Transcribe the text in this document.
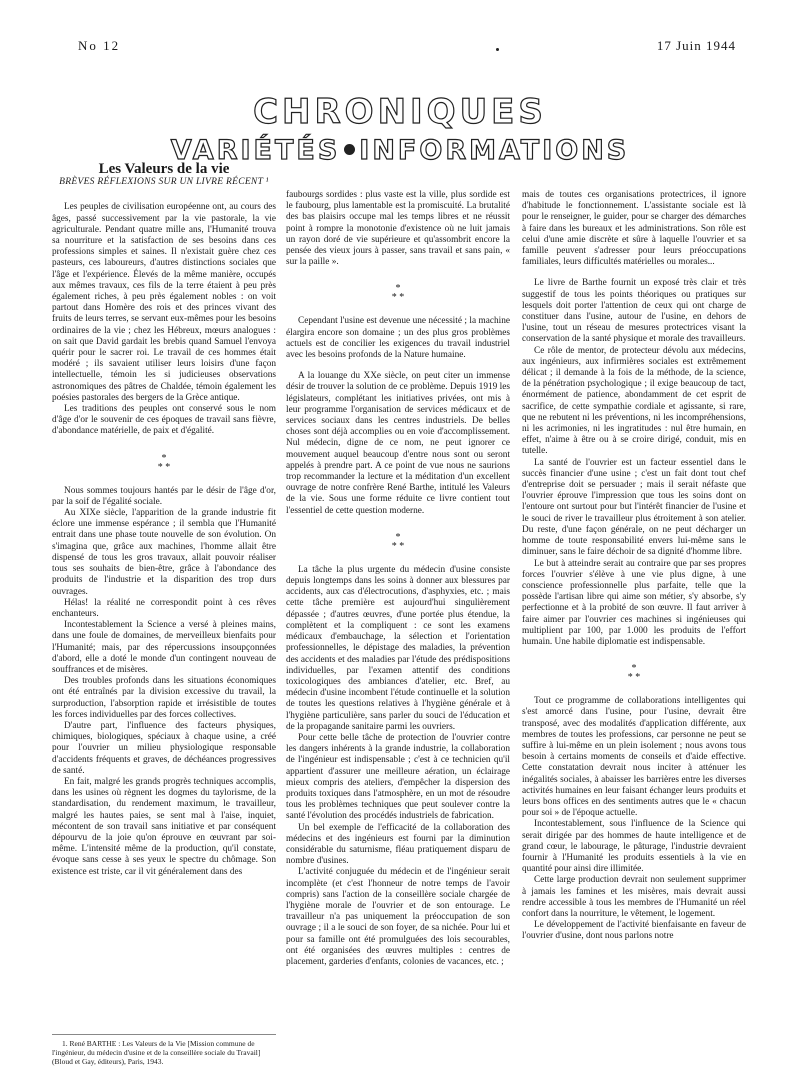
No 12	17 Juin 1944
CHRONIQUES
VARIÉTÉS INFORMATIONS
Les Valeurs de la vie
BRÈVES RÉFLEXIONS SUR UN LIVRE RÉCENT ¹

Les peuples de civilisation européenne ont, au cours des âges, passé successivement par la vie pastorale, la vie agriculturale. Pendant quatre mille ans, l'Humanité trouva sa nourriture et la satisfaction de ses besoins dans ces professions simples et saines. Il n'existait guère chez ces pasteurs, ces laboureurs, d'autres distinctions sociales que l'âge et l'expérience. Élevés de la même manière, occupés aux mêmes travaux, ces fils de la terre étaient à peu près également riches, à peu près également nobles : on voit partout dans Homère des rois et des princes vivant des fruits de leurs terres, se servant eux-mêmes pour les besoins ordinaires de la vie ; chez les Hébreux, mœurs analogues : on sait que David gardait les brebis quand Samuel l'envoya quérir pour le sacrer roi. Le travail de ces hommes était modéré ; ils savaient utiliser leurs loisirs d'une façon intellectuelle, témoin les si judicieuses observations astronomiques des pâtres de Chaldée, témoin également les poésies pastorales des bergers de la Grèce antique.

Les traditions des peuples ont conservé sous le nom d'âge d'or le souvenir de ces époques de travail sans fièvre, d'abondance matérielle, de paix et d'égalité.

*
* *

Nous sommes toujours hantés par le désir de l'âge d'or, par la soif de l'égalité sociale.

Au XIXe siècle, l'apparition de la grande industrie fit éclore une immense espérance ; il sembla que l'Humanité entrait dans une phase toute nouvelle de son évolution. On s'imagina que, grâce aux machines, l'homme allait être dispensé de tous les gros travaux, allait pouvoir réaliser tous ses souhaits de bien-être, grâce à l'abondance des produits de l'industrie et la disparition des trop durs ouvrages.

Hélas! la réalité ne correspondit point à ces rêves enchanteurs.

Incontestablement la Science a versé à pleines mains, dans une foule de domaines, de merveilleux bienfaits pour l'Humanité; mais, par des répercussions insoupçonnées d'abord, elle a doté le monde d'un contingent nouveau de souffrances et de misères.

Des troubles profonds dans les situations économiques ont été entraînés par la division excessive du travail, la surproduction, l'absorption rapide et irrésistible de toutes les forces individuelles par des forces collectives.

D'autre part, l'influence des facteurs physiques, chimiques, biologiques, spéciaux à chaque usine, a créé pour l'ouvrier un milieu physiologique responsable d'accidents fréquents et graves, de déchéances progressives de santé.

En fait, malgré les grands progrès techniques accomplis, dans les usines où règnent les dogmes du taylorisme, de la standardisation, du rendement maximum, le travailleur, malgré les hautes paies, se sent mal à l'aise, inquiet, mécontent de son travail sans initiative et par conséquent dépourvu de la joie qu'on éprouve en œuvrant par soi-même. L'intensité même de la production, qu'il constate, évoque sans cesse à ses yeux le spectre du chômage. Son existence est triste, car il vit généralement dans des

faubourgs sordides : plus vaste est la ville, plus sordide est le faubourg, plus lamentable est la promiscuité. La brutalité des bas plaisirs occupe mal les temps libres et ne réussit point à rompre la monotonie d'existence où ne luit jamais un rayon doré de vie supérieure et qu'assombrit encore la pensée des vieux jours à passer, sans travail et sans pain, « sur la paille ».

*
* *

Cependant l'usine est devenue une nécessité ; la machine élargira encore son domaine ; un des plus gros problèmes actuels est de concilier les exigences du travail industriel avec les besoins profonds de la Nature humaine.

A la louange du XXe siècle, on peut citer un immense désir de trouver la solution de ce problème. Depuis 1919 les législateurs, complétant les initiatives privées, ont mis à leur programme l'organisation de services médicaux et de services sociaux dans les centres industriels. De belles choses sont déjà accomplies ou en voie d'accomplissement. Nul médecin, digne de ce nom, ne peut ignorer ce mouvement auquel beaucoup d'entre nous sont ou seront appelés à prendre part. A ce point de vue nous ne saurions trop recommander la lecture et la méditation d'un excellent ouvrage de notre confrère René Barthe, intitulé les Valeurs de la vie. Sous une forme réduite ce livre contient tout l'essentiel de cette question moderne.

*
* *

La tâche la plus urgente du médecin d'usine consiste depuis longtemps dans les soins à donner aux blessures par accidents, aux cas d'électrocutions, d'asphyxies, etc. ; mais cette tâche première est aujourd'hui singulièrement dépassée ; d'autres œuvres, d'une portée plus étendue, la complètent et la compliquent : ce sont les examens médicaux d'embauchage, la sélection et l'orientation professionnelles, le dépistage des maladies, la prévention des accidents et des maladies par l'étude des prédispositions individuelles, par l'examen attentif des conditions toxicologiques des ambiances d'atelier, etc. Bref, au médecin d'usine incombent l'étude continuelle et la solution de toutes les questions relatives à l'hygiène générale et à l'hygiène particulière, sans parler du souci de l'éducation et de la propagande sanitaire parmi les ouvriers.

Pour cette belle tâche de protection de l'ouvrier contre les dangers inhérents à la grande industrie, la collaboration de l'ingénieur est indispensable ; c'est à ce technicien qu'il appartient d'assurer une meilleure aération, un éclairage mieux compris des ateliers, d'empêcher la dispersion des produits toxiques dans l'atmosphère, en un mot de résoudre tous les problèmes techniques que peut soulever contre la santé l'évolution des procédés industriels de fabrication.

Un bel exemple de l'efficacité de la collaboration des médecins et des ingénieurs est fourni par la diminution considérable du saturnisme, fléau pratiquement disparu de nombre d'usines.

L'activité conjuguée du médecin et de l'ingénieur serait incomplète (et c'est l'honneur de notre temps de l'avoir compris) sans l'action de la conseillère sociale chargée de l'hygiène morale de l'ouvrier et de son entourage. Le travailleur n'a pas uniquement la préoccupation de son ouvrage ; il a le souci de son foyer, de sa nichée. Pour lui et pour sa famille ont été promulguées des lois secourables, ont été organisées des œuvres multiples : centres de placement, garderies d'enfants, colonies de vacances, etc. ;

mais de toutes ces organisations protectrices, il ignore d'habitude le fonctionnement. L'assistante sociale est là pour le renseigner, le guider, pour se charger des démarches à faire dans les bureaux et les administrations. Son rôle est celui d'une amie discrète et sûre à laquelle l'ouvrier et sa famille peuvent s'adresser pour leurs préoccupations familiales, leurs difficultés matérielles ou morales...

Le livre de Barthe fournit un exposé très clair et très suggestif de tous les points théoriques ou pratiques sur lesquels doit porter l'attention de ceux qui ont charge de constituer dans l'usine, autour de l'usine, en dehors de l'usine, tout un réseau de mesures protectrices visant la conservation de la santé physique et morale des travailleurs.

Ce rôle de mentor, de protecteur dévolu aux médecins, aux ingénieurs, aux infirmières sociales est extrêmement délicat ; il demande à la fois de la méthode, de la science, de la pénétration psychologique ; il exige beaucoup de tact, énormément de patience, abondamment de cet esprit de sacrifice, de cette sympathie cordiale et agissante, si rare, que ne rebutent ni les préventions, ni les incompréhensions, ni les acrimonies, ni les ingratitudes : nul être humain, en effet, n'aime à être ou à se croire dirigé, conduit, mis en tutelle.

La santé de l'ouvrier est un facteur essentiel dans le succès financier d'une usine ; c'est un fait dont tout chef d'entreprise doit se persuader ; mais il serait néfaste que l'ouvrier éprouve l'impression que tous les soins dont on l'entoure ont surtout pour but l'intérêt financier de l'usine et le souci de river le travailleur plus étroitement à son atelier. Du reste, d'une façon générale, on ne peut décharger un homme de toute responsabilité envers lui-même sans le diminuer, sans le faire déchoir de sa dignité d'homme libre.

Le but à atteindre serait au contraire que par ses propres forces l'ouvrier s'élève à une vie plus digne, à une conscience professionnelle plus parfaite, telle que la possède l'artisan libre qui aime son métier, s'y absorbe, s'y perfectionne et à la probité de son œuvre. Il faut arriver à faire aimer par l'ouvrier ces machines si ingénieuses qui multiplient par 100, par 1.000 les produits de l'effort humain. Une habile diplomatie est indispensable.

*
* *

Tout ce programme de collaborations intelligentes qui s'est amorcé dans l'usine, pour l'usine, devrait être transposé, avec des modalités d'application différente, aux membres de toutes les professions, car personne ne peut se suffire à lui-même en un plein isolement ; nous avons tous besoin à certains moments de conseils et d'aide effective. Cette constatation devrait nous inciter à atténuer les inégalités sociales, à abaisser les barrières entre les diverses activités humaines en leur faisant échanger leurs produits et leurs bons offices en des sentiments autres que le « chacun pour soi » de l'époque actuelle.

Incontestablement, sous l'influence de la Science qui serait dirigée par des hommes de haute intelligence et de grand cœur, le labourage, le pâturage, l'industrie devraient fournir à l'Humanité les produits essentiels à la vie en quantité pour ainsi dire illimitée.

Cette large production devrait non seulement supprimer à jamais les famines et les misères, mais devrait aussi rendre accessible à tous les membres de l'Humanité un réel confort dans la nourriture, le vêtement, le logement.

Le développement de l'activité bienfaisante en faveur de l'ouvrier d'usine, dont nous parlons notre

1. René BARTHE : Les Valeurs de la Vie [Mission commune de l'ingénieur, du médecin d'usine et de la conseillère sociale du Travail] (Bloud et Gay, éditeurs), Paris, 1943.
